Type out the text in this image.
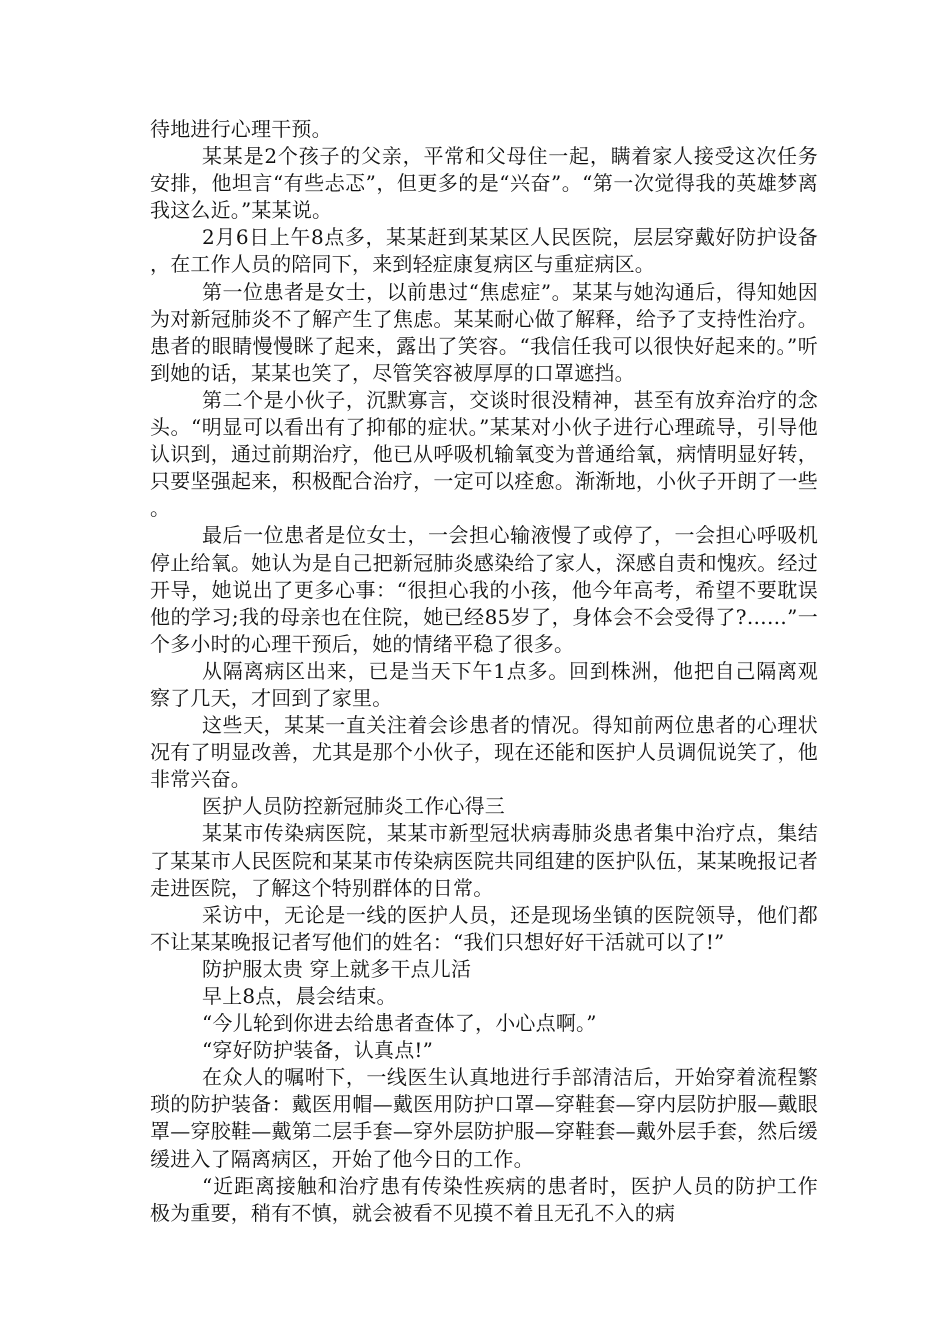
待地进行心理干预。

某某是2个孩子的父亲，平常和父母住一起，瞒着家人接受这次任务安排，他坦言“有些忐忑”，但更多的是“兴奋”。“第一次觉得我的英雄梦离我这么近。”某某说。

2月6日上午8点多，某某赶到某某区人民医院，层层穿戴好防护设备，在工作人员的陪同下，来到轻症康复病区与重症病区。

第一位患者是女士，以前患过“焦虑症”。某某与她沟通后，得知她因为对新冠肺炎不了解产生了焦虑。某某耐心做了解释，给予了支持性治疗。患者的眼睛慢慢眯了起来，露出了笑容。“我信任我可以很快好起来的。”听到她的话，某某也笑了，尽管笑容被厚厚的口罩遮挡。

第二个是小伙子，沉默寡言，交谈时很没精神，甚至有放弃治疗的念头。“明显可以看出有了抑郁的症状。”某某对小伙子进行心理疏导，引导他认识到，通过前期治疗，他已从呼吸机输氧变为普通给氧，病情明显好转，只要坚强起来，积极配合治疗，一定可以痊愈。渐渐地，小伙子开朗了一些。

最后一位患者是位女士，一会担心输液慢了或停了，一会担心呼吸机停止给氧。她认为是自己把新冠肺炎感染给了家人，深感自责和愧疚。经过开导，她说出了更多心事：“很担心我的小孩，他今年高考，希望不要耽误他的学习;我的母亲也在住院，她已经85岁了，身体会不会受得了?……”一个多小时的心理干预后，她的情绪平稳了很多。

从隔离病区出来，已是当天下午1点多。回到株洲，他把自己隔离观察了几天，才回到了家里。

这些天，某某一直关注着会诊患者的情况。得知前两位患者的心理状况有了明显改善，尤其是那个小伙子，现在还能和医护人员调侃说笑了，他非常兴奋。

医护人员防控新冠肺炎工作心得三

某某市传染病医院，某某市新型冠状病毒肺炎患者集中治疗点，集结了某某市人民医院和某某市传染病医院共同组建的医护队伍，某某晚报记者走进医院，了解这个特别群体的日常。

采访中，无论是一线的医护人员，还是现场坐镇的医院领导，他们都不让某某晚报记者写他们的姓名：“我们只想好好干活就可以了!”

防护服太贵 穿上就多干点儿活

早上8点，晨会结束。

“今儿轮到你进去给患者查体了，小心点啊。”

“穿好防护装备，认真点!”

在众人的嘱咐下，一线医生认真地进行手部清洁后，开始穿着流程繁琐的防护装备：戴医用帽—戴医用防护口罩—穿鞋套—穿内层防护服—戴眼罩—穿胶鞋—戴第二层手套—穿外层防护服—穿鞋套—戴外层手套，然后缓缓进入了隔离病区，开始了他今日的工作。

“近距离接触和治疗患有传染性疾病的患者时，医护人员的防护工作极为重要，稍有不慎，就会被看不见摸不着且无孔不入的病
